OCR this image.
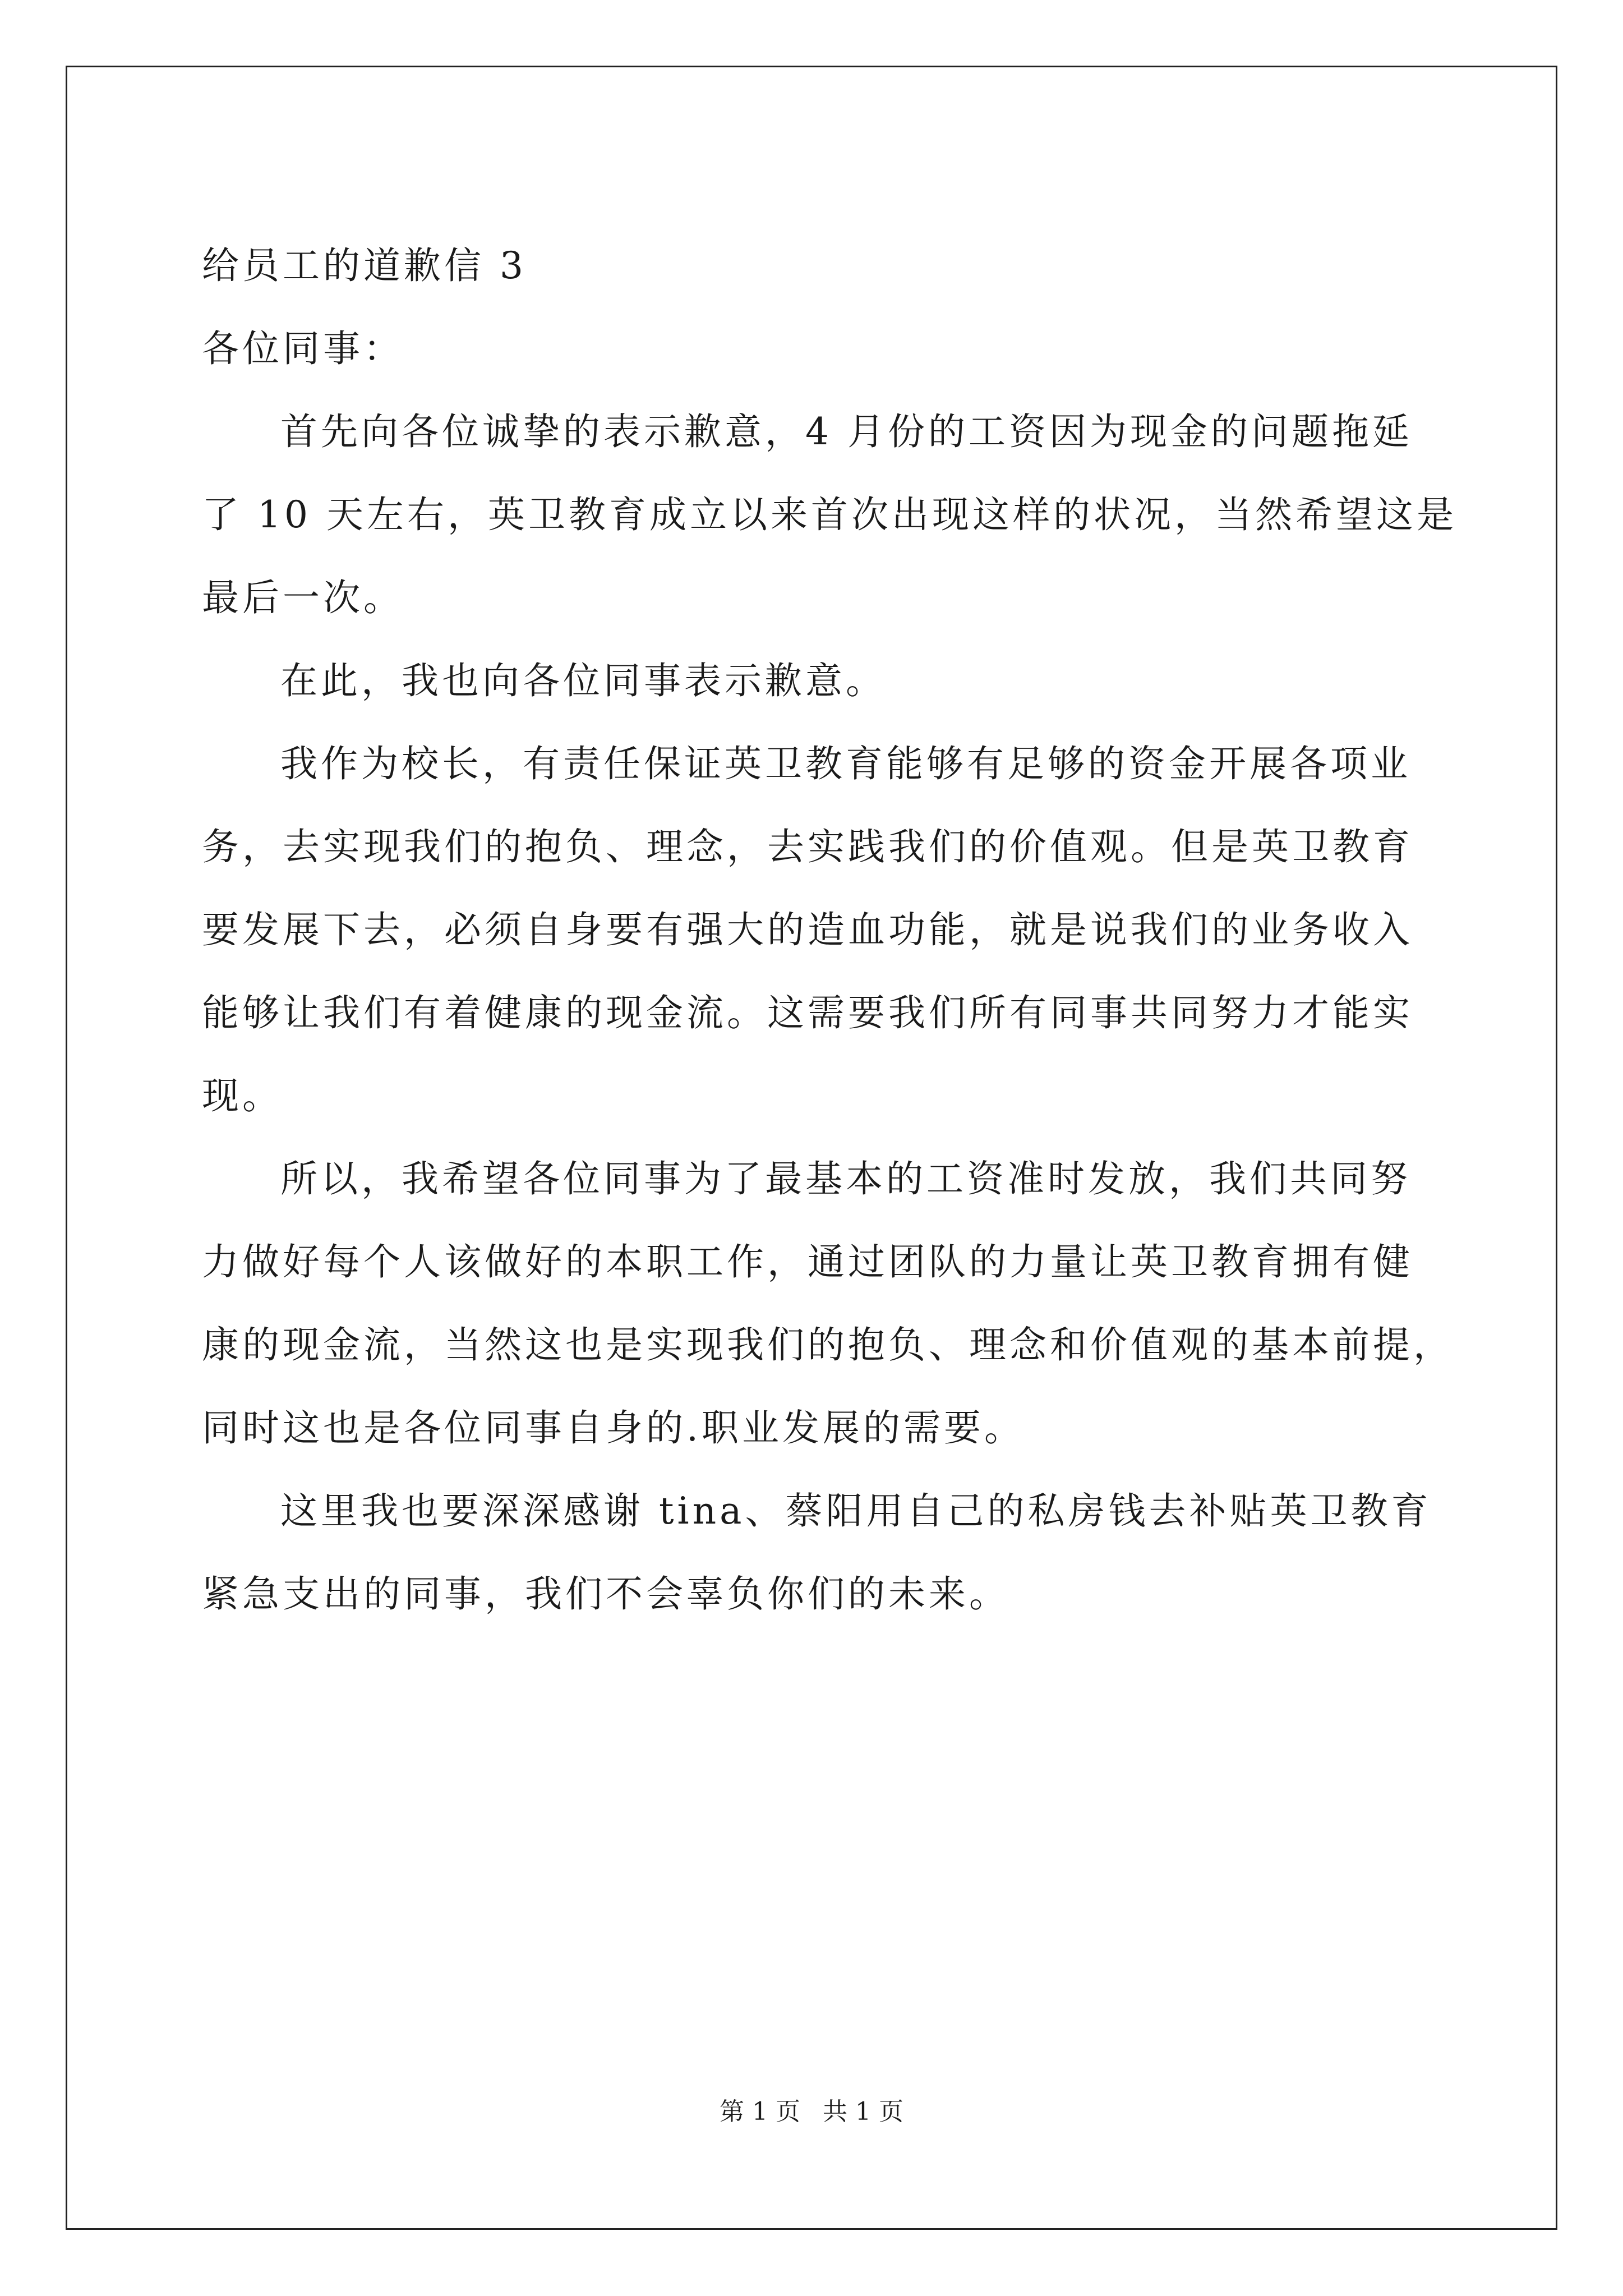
给员工的道歉信 3
各位同事：
首先向各位诚挚的表示歉意，4 月份的工资因为现金的问题拖延
了 10 天左右，英卫教育成立以来首次出现这样的状况，当然希望这是
最后一次。
在此，我也向各位同事表示歉意。
我作为校长，有责任保证英卫教育能够有足够的资金开展各项业
务，去实现我们的抱负、理念，去实践我们的价值观。但是英卫教育
要发展下去，必须自身要有强大的造血功能，就是说我们的业务收入
能够让我们有着健康的现金流。这需要我们所有同事共同努力才能实
现。
所以，我希望各位同事为了最基本的工资准时发放，我们共同努
力做好每个人该做好的本职工作，通过团队的力量让英卫教育拥有健
康的现金流，当然这也是实现我们的抱负、理念和价值观的基本前提，
同时这也是各位同事自身的.职业发展的需要。
这里我也要深深感谢 tina、蔡阳用自己的私房钱去补贴英卫教育
紧急支出的同事，我们不会辜负你们的未来。
第 1 页 共 1 页
